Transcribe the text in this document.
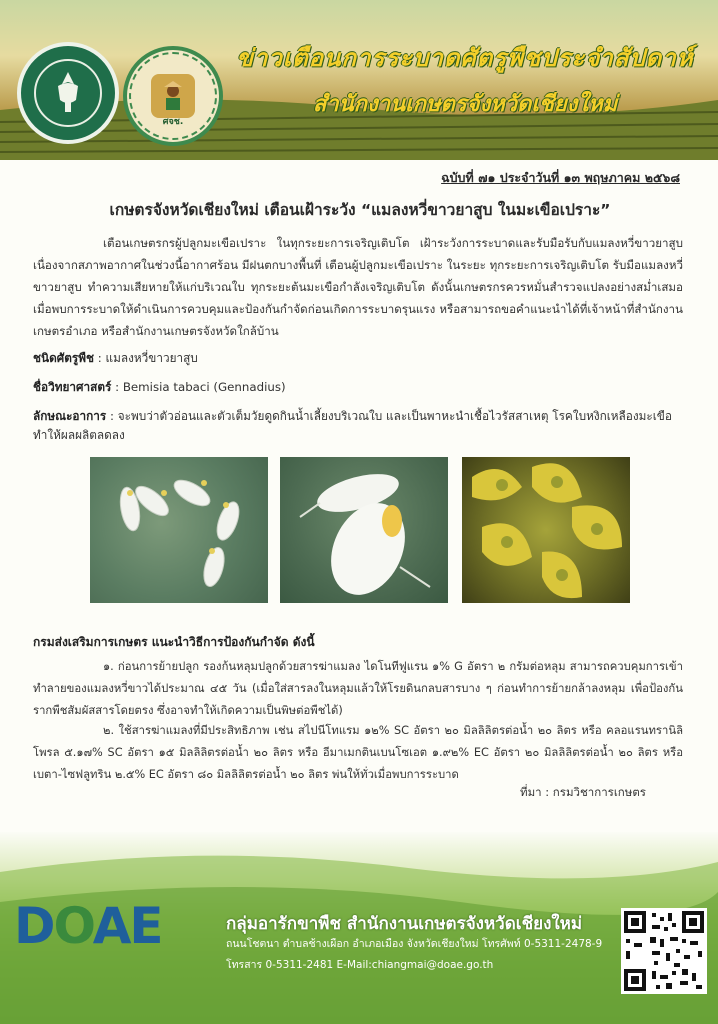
ศจช.
ข่าวเตือนการระบาดศัตรูพืชประจำสัปดาห์
สำนักงานเกษตรจังหวัดเชียงใหม่
ฉบับที่ ๗๑ ประจำวันที่ ๑๓ พฤษภาคม ๒๕๖๘
เกษตรจังหวัดเชียงใหม่ เตือนเฝ้าระวัง “แมลงหวี่ขาวยาสูบ ในมะเขือเปราะ”

เตือนเกษตรกรผู้ปลูกมะเขือเปราะ ในทุกระยะการเจริญเติบโต เฝ้าระวังการระบาดและรับมือรับกับแมลงหวี่ขาวยาสูบ เนื่องจากสภาพอากาศในช่วงนี้อากาศร้อน มีฝนตกบางพื้นที่ เตือนผู้ปลูกมะเขือเปราะ ในระยะ ทุกระยะการเจริญเติบโต รับมือแมลงหวี่ขาวยาสูบ ทำความเสียหายให้แก่บริเวณใบ ทุกระยะต้นมะเขือกำลังเจริญเติบโต ดังนั้นเกษตรกรควรหมั่นสำรวจแปลงอย่างสม่ำเสมอ เมื่อพบการระบาดให้ดำเนินการควบคุมและป้องกันกำจัดก่อนเกิดการระบาดรุนแรง หรือสามารถขอคำแนะนำได้ที่เจ้าหน้าที่สำนักงานเกษตรอำเภอ หรือสำนักงานเกษตรจังหวัดใกล้บ้าน

ชนิดศัตรูพืช : แมลงหวี่ขาวยาสูบ
ชื่อวิทยาศาสตร์ : Bemisia tabaci (Gennadius)
ลักษณะอาการ : จะพบว่าตัวอ่อนและตัวเต็มวัยดูดกินน้ำเลี้ยงบริเวณใบ และเป็นพาหะนำเชื้อไวรัสสาเหตุ โรคใบหงิกเหลืองมะเขือ ทำให้ผลผลิตลดลง
กรมส่งเสริมการเกษตร แนะนำวิธีการป้องกันกำจัด ดังนี้

๑. ก่อนการย้ายปลูก รองก้นหลุมปลูกด้วยสารฆ่าแมลง ไดโนทีฟูแรน ๑% G อัตรา ๒ กรัมต่อหลุม สามารถควบคุมการเข้าทำลายของแมลงหวี่ขาวได้ประมาณ ๔๕ วัน (เมื่อใส่สารลงในหลุมแล้วให้โรยดินกลบสารบาง ๆ ก่อนทำการย้ายกล้าลงหลุม เพื่อป้องกันรากพืชสัมผัสสารโดยตรง ซึ่งอาจทำให้เกิดความเป็นพิษต่อพืชได้)

๒. ใช้สารฆ่าแมลงที่มีประสิทธิภาพ เช่น สไปนีโทแรม ๑๒% SC อัตรา ๒๐ มิลลิลิตรต่อน้ำ ๒๐ ลิตร หรือ คลอแรนทรานิลิโพรล ๕.๑๗% SC อัตรา ๑๕ มิลลิลิตรต่อน้ำ ๒๐ ลิตร หรือ อีมาเมกตินเบนโซเอต ๑.๙๒% EC อัตรา ๒๐ มิลลิลิตรต่อน้ำ ๒๐ ลิตร หรือ เบตา-ไซฟลูทริน ๒.๕% EC อัตรา ๘๐ มิลลิลิตรต่อน้ำ ๒๐ ลิตร พ่นให้ทั่วเมื่อพบการระบาด

ที่มา : กรมวิชาการเกษตร
DOAE	กลุ่มอารักขาพืช สำนักงานเกษตรจังหวัดเชียงใหม่
ถนนโชตนา ตำบลช้างเผือก อำเภอเมือง จังหวัดเชียงใหม่ โทรศัพท์ 0-5311-2478-9
โทรสาร 0-5311-2481 E-Mail:chiangmai@doae.go.th
